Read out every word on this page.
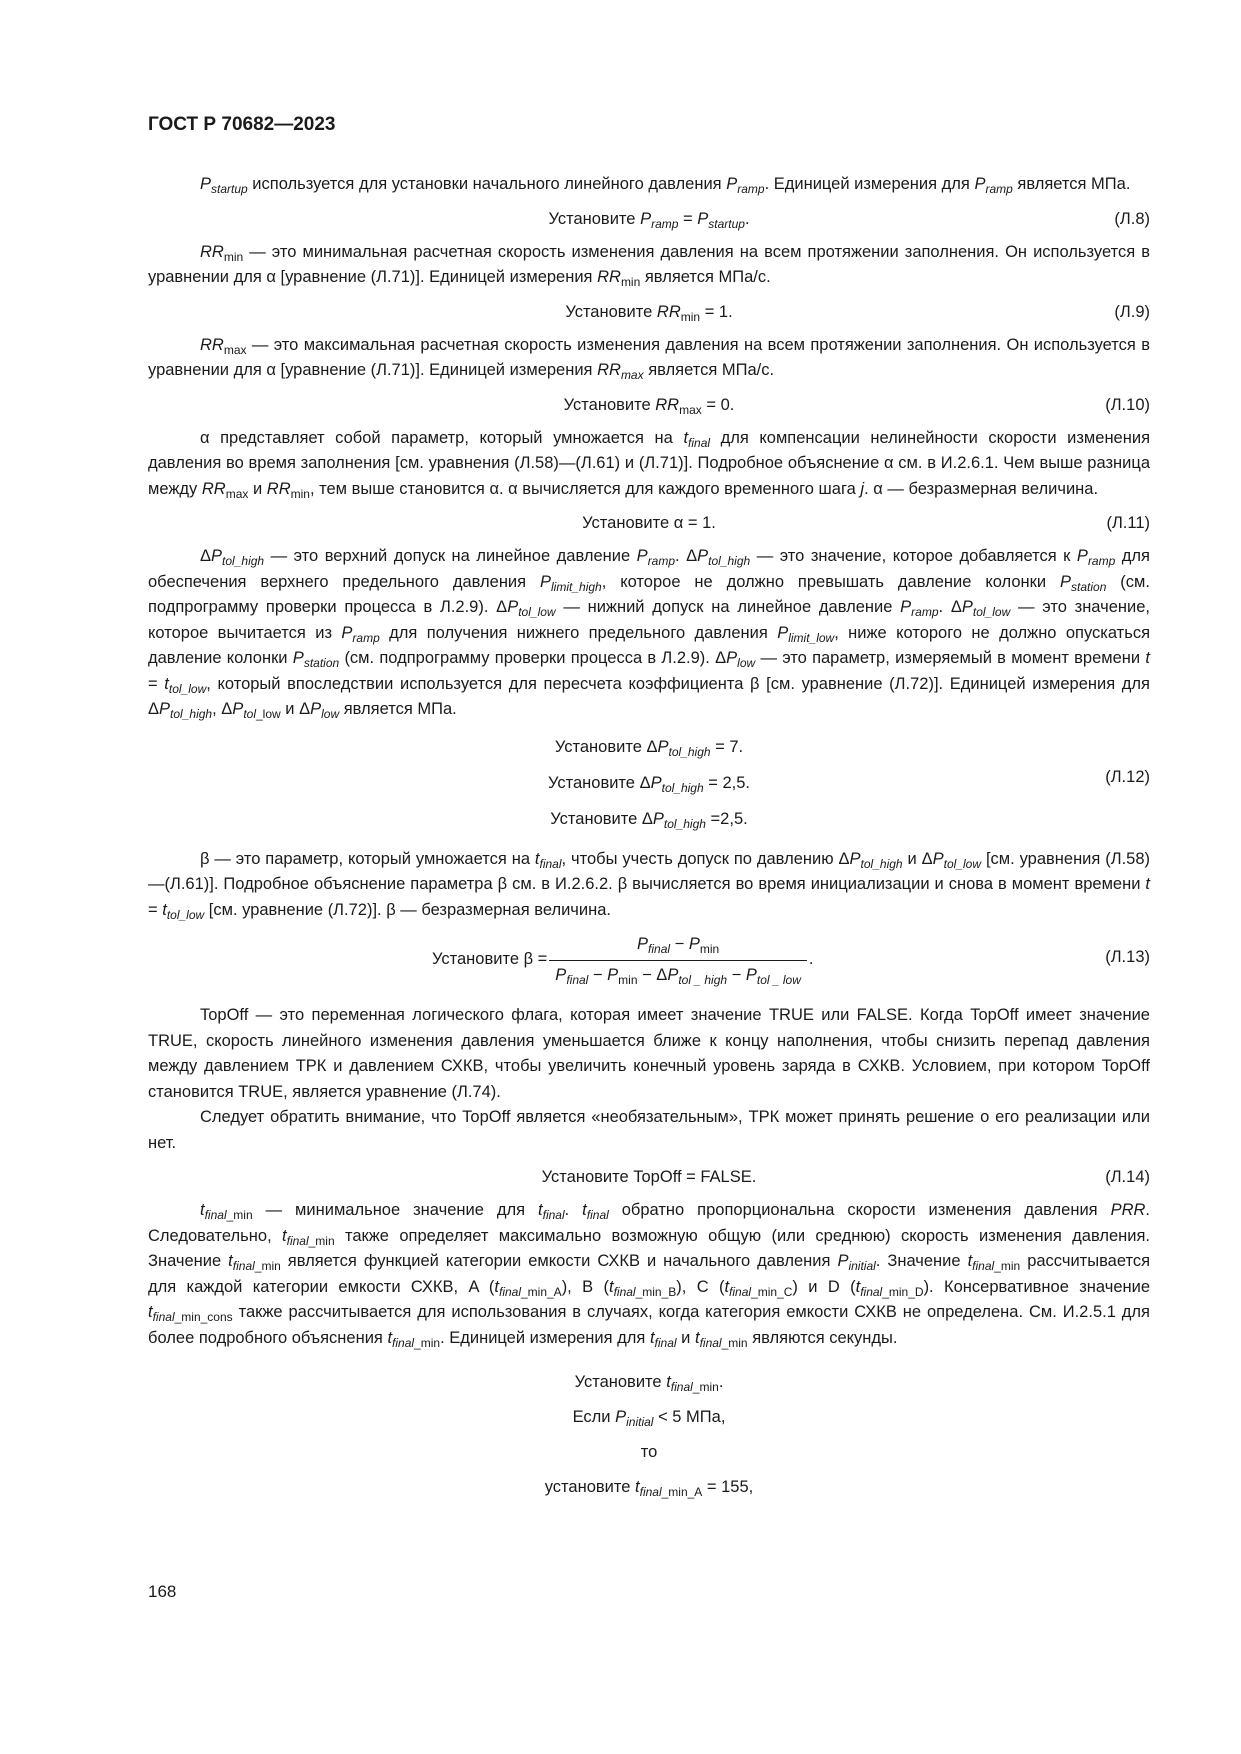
ГОСТ Р 70682—2023

$P_{startup}$ используется для установки начального линейного давления $P_{ramp}$. Единицей измерения для $P_{ramp}$ является МПа.

Установите $P_{ramp} = P_{startup}$.	(Л.8)

$RR_{min}$ — это минимальная расчетная скорость изменения давления на всем протяжении заполнения. Он используется в уравнении для α [уравнение (Л.71)]. Единицей измерения $RR_{min}$ является МПа/с.

Установите $RR_{min} = 1$.	(Л.9)

$RR_{max}$ — это максимальная расчетная скорость изменения давления на всем протяжении заполнения. Он используется в уравнении для α [уравнение (Л.71)]. Единицей измерения $RR_{max}$ является МПа/с.

Установите $RR_{max} = 0$.	(Л.10)

α представляет собой параметр, который умножается на $t_{final}$ для компенсации нелинейности скорости изменения давления во время заполнения [см. уравнения (Л.58)—(Л.61) и (Л.71)]. Подробное объяснение α см. в И.2.6.1. Чем выше разница между $RR_{max}$ и $RR_{min}$, тем выше становится α. α вычисляется для каждого временного шага j. α — безразмерная величина.

Установите α = 1.	(Л.11)

$\Delta P_{tol\_high}$ — это верхний допуск на линейное давление $P_{ramp}$. $\Delta P_{tol\_high}$ — это значение, которое добавляется к $P_{ramp}$ для обеспечения верхнего предельного давления $P_{limit\_high}$, которое не должно превышать давление колонки $P_{station}$ (см. подпрограмму проверки процесса в Л.2.9). $\Delta P_{tol\_low}$ — нижний допуск на линейное давление $P_{ramp}$. $\Delta P_{tol\_low}$ — это значение, которое вычитается из $P_{ramp}$ для получения нижнего предельного давления $P_{limit\_low}$, ниже которого не должно опускаться давление колонки $P_{station}$ (см. подпрограмму проверки процесса в Л.2.9). $\Delta P_{low}$ — это параметр, измеряемый в момент времени $t = t_{tol\_low}$, который впоследствии используется для пересчета коэффициента β [см. уравнение (Л.72)]. Единицей измерения для $\Delta P_{tol\_high}$, $\Delta P_{tol\_low}$ и $\Delta P_{low}$ является МПа.

Установите $\Delta P_{tol\_high} = 7$.
Установите $\Delta P_{tol\_high} = 2,5$.
Установите $\Delta P_{tol\_high} =2,5$.
(Л.12)

β — это параметр, который умножается на $t_{final}$, чтобы учесть допуск по давлению $\Delta P_{tol\_high}$ и $\Delta P_{tol\_low}$ [см. уравнения (Л.58)—(Л.61)]. Подробное объяснение параметра β см. в И.2.6.2. β вычисляется во время инициализации и снова в момент времени $t = t_{tol\_low}$ [см. уравнение (Л.72)]. β — безразмерная величина.

Установите $\beta = \frac{P_{final} - P_{min}}{P_{final} - P_{min} - \Delta P_{tol \_ high} - P_{tol \_ low}}$ .	(Л.13)

TopOff — это переменная логического флага, которая имеет значение TRUE или FALSE. Когда TopOff имеет значение TRUE, скорость линейного изменения давления уменьшается ближе к концу наполнения, чтобы снизить перепад давления между давлением ТРК и давлением СХКВ, чтобы увеличить конечный уровень заряда в СХКВ. Условием, при котором TopOff становится TRUE, является уравнение (Л.74).

Следует обратить внимание, что TopOff является «необязательным», ТРК может принять решение о его реализации или нет.

Установите TopOff = FALSE.	(Л.14)

$t_{final\_min}$ — минимальное значение для $t_{final}$. $t_{final}$ обратно пропорциональна скорости изменения давления PRR. Следовательно, $t_{final\_min}$ также определяет максимально возможную общую (или среднюю) скорость изменения давления. Значение $t_{final\_min}$ является функцией категории емкости СХКВ и начального давления $P_{initial}$. Значение $t_{final\_min}$ рассчитывается для каждой категории емкости СХКВ, A $(t_{final\_min\_A})$, B $(t_{final\_min\_B})$, C $(t_{final\_min\_C})$ и D $(t_{final\_min\_D})$. Консервативное значение $t_{final\_min\_cons}$ также рассчитывается для использования в случаях, когда категория емкости СХКВ не определена. См. И.2.5.1 для более подробного объяснения $t_{final\_min}$. Единицей измерения для $t_{final}$ и $t_{final\_min}$ являются секунды.

Установите $t_{final\_min}$.
Если $P_{initial} < 5$ МПа,
то
установите $t_{final\_min\_A} = 155$,
168
